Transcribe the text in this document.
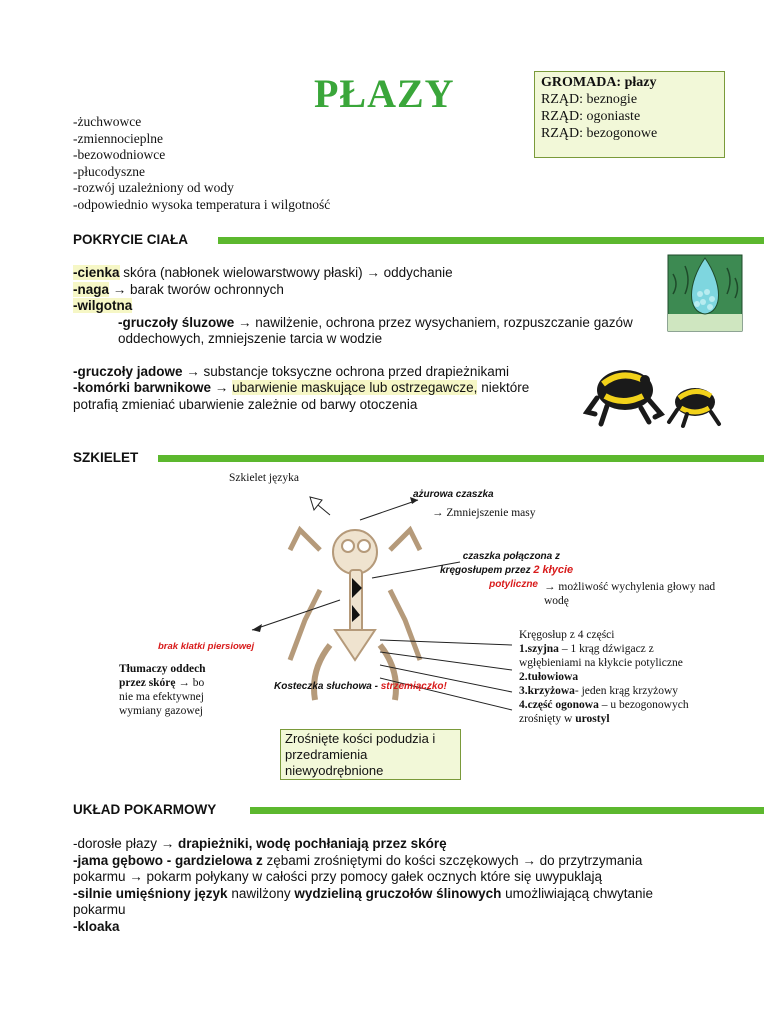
PŁAZY	GROMADA: płazy
RZĄD: beznogie
RZĄD: ogoniaste
RZĄD: bezogonowe
-żuchwowce
-zmiennocieplne
-bezowodniowce
-płucodyszne
-rozwój uzależniony od wody
-odpowiednio wysoka temperatura i wilgotność
POKRYCIE CIAŁA
-cienka skóra (nabłonek wielowarstwowy płaski) → oddychanie
-naga → barak tworów ochronnych
-wilgotna
-gruczoły śluzowe → nawilżenie, ochrona przez wysychaniem, rozpuszczanie gazów
oddechowych, zmniejszenie tarcia w wodzie
-gruczoły jadowe → substancje toksyczne ochrona przed drapieżnikami
-komórki barwnikowe → ubarwienie maskujące lub ostrzegawcze, niektóre
potrafią zmieniać ubarwienie zależnie od barwy otoczenia
SZKIELET
Szkielet języka
ażurowa czaszka
→ Zmniejszenie masy
czaszka połączona z
kręgosłupem przez 2 kłycie
potyliczne → możliwość wychylenia głowy nad
wodę
Kręgosłup z 4 części
1.szyjna – 1 krąg dźwigacz z
wgłębieniami na kłykcie potyliczne
2.tułowiowa
3.krzyżowa- jeden krąg krzyżowy
4.część ogonowa – u bezogonowych
zrośnięty w urostyl
brak klatki piersiowej
Tłumaczy oddech
przez skórę → bo
nie ma efektywnej
wymiany gazowej
Kosteczka słuchowa - strzemiączko!
Zrośnięte kości podudzia i
przedramienia
niewyodrębnione
UKŁAD POKARMOWY
-dorosłe płazy → drapieżniki, wodę pochłaniają przez skórę
-jama gębowo - gardzielowa z zębami zrośniętymi do kości szczękowych → do przytrzymania
pokarmu → pokarm połykany w całości przy pomocy gałek ocznych które się uwypuklają
-silnie umięśniony język nawilżony wydzieliną gruczołów ślinowych umożliwiającą chwytanie
pokarmu
-kloaka
